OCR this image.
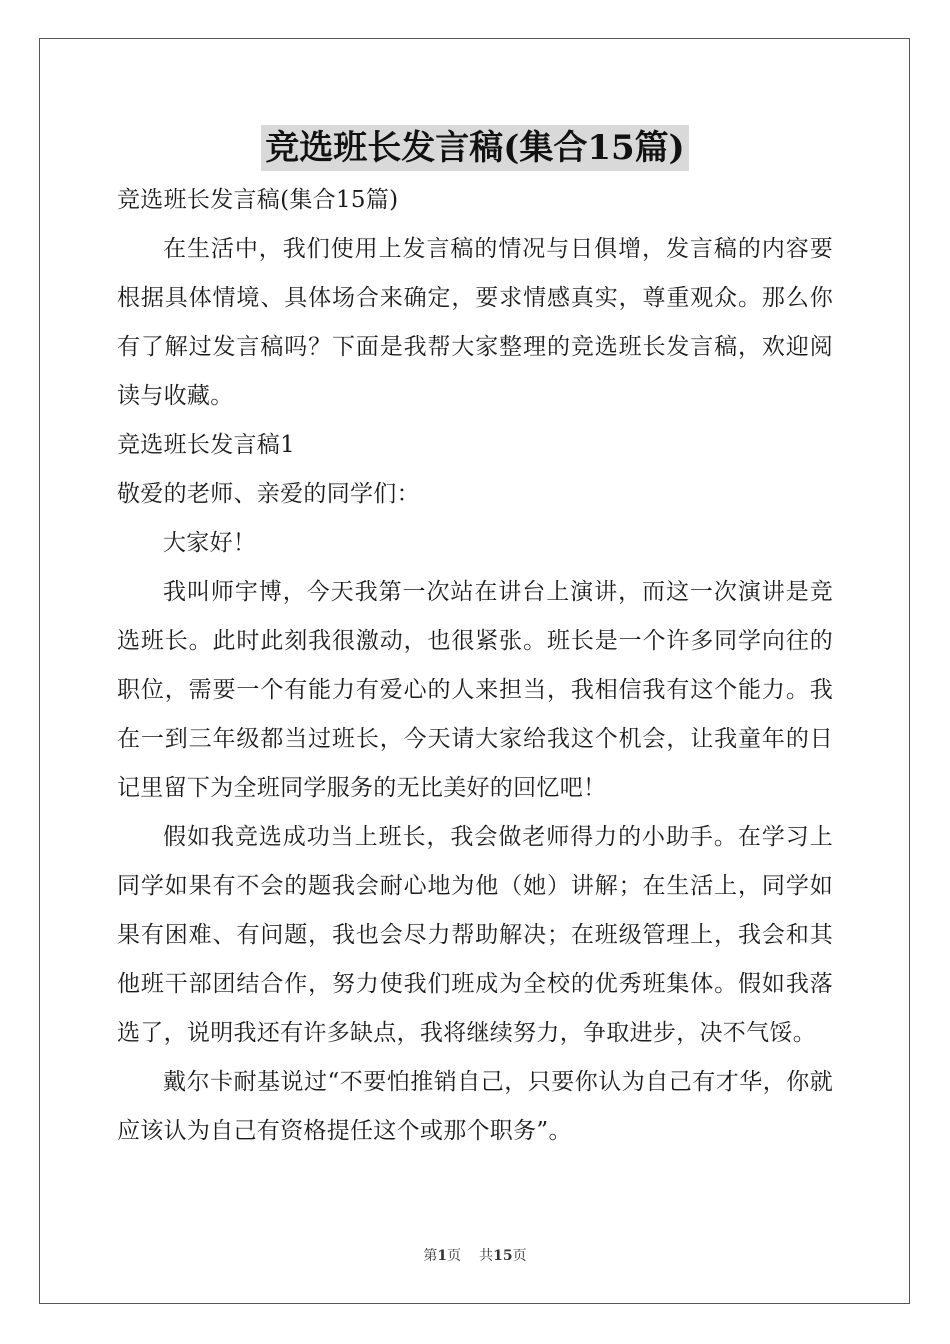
竞选班长发言稿(集合15篇)

竞选班长发言稿(集合15篇)

在生活中，我们使用上发言稿的情况与日俱增，发言稿的内容要根据具体情境、具体场合来确定，要求情感真实，尊重观众。那么你有了解过发言稿吗？下面是我帮大家整理的竞选班长发言稿，欢迎阅读与收藏。

竞选班长发言稿1

敬爱的老师、亲爱的同学们：

大家好！

我叫师宇博，今天我第一次站在讲台上演讲，而这一次演讲是竞选班长。此时此刻我很激动，也很紧张。班长是一个许多同学向往的职位，需要一个有能力有爱心的人来担当，我相信我有这个能力。我在一到三年级都当过班长，今天请大家给我这个机会，让我童年的日记里留下为全班同学服务的无比美好的回忆吧！

假如我竞选成功当上班长，我会做老师得力的小助手。在学习上同学如果有不会的题我会耐心地为他（她）讲解；在生活上，同学如果有困难、有问题，我也会尽力帮助解决；在班级管理上，我会和其他班干部团结合作，努力使我们班成为全校的优秀班集体。假如我落选了，说明我还有许多缺点，我将继续努力，争取进步，决不气馁。

戴尔卡耐基说过“不要怕推销自己，只要你认为自己有才华，你就应该认为自己有资格提任这个或那个职务”。

第1页 共15页
